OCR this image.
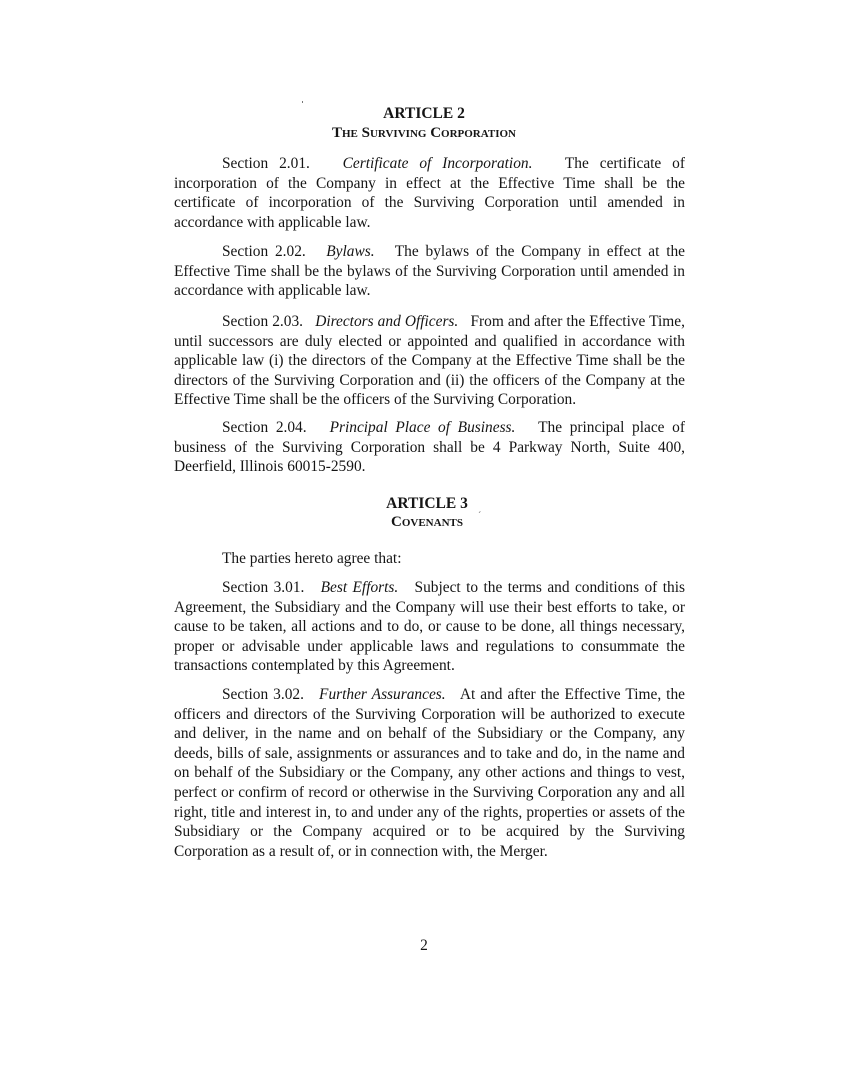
ARTICLE 2
The Surviving Corporation
Section 2.01. Certificate of Incorporation. The certificate of incorporation of the Company in effect at the Effective Time shall be the certificate of incorporation of the Surviving Corporation until amended in accordance with applicable law.
Section 2.02. Bylaws. The bylaws of the Company in effect at the Effective Time shall be the bylaws of the Surviving Corporation until amended in accordance with applicable law.
Section 2.03. Directors and Officers. From and after the Effective Time, until successors are duly elected or appointed and qualified in accordance with applicable law (i) the directors of the Company at the Effective Time shall be the directors of the Surviving Corporation and (ii) the officers of the Company at the Effective Time shall be the officers of the Surviving Corporation.
Section 2.04. Principal Place of Business. The principal place of business of the Surviving Corporation shall be 4 Parkway North, Suite 400, Deerfield, Illinois 60015-2590.
ARTICLE 3
Covenants	´
The parties hereto agree that:
Section 3.01. Best Efforts. Subject to the terms and conditions of this Agreement, the Subsidiary and the Company will use their best efforts to take, or cause to be taken, all actions and to do, or cause to be done, all things necessary, proper or advisable under applicable laws and regulations to consummate the transactions contemplated by this Agreement.
Section 3.02. Further Assurances. At and after the Effective Time, the officers and directors of the Surviving Corporation will be authorized to execute and deliver, in the name and on behalf of the Subsidiary or the Company, any deeds, bills of sale, assignments or assurances and to take and do, in the name and on behalf of the Subsidiary or the Company, any other actions and things to vest, perfect or confirm of record or otherwise in the Surviving Corporation any and all right, title and interest in, to and under any of the rights, properties or assets of the Subsidiary or the Company acquired or to be acquired by the Surviving Corporation as a result of, or in connection with, the Merger.
2
